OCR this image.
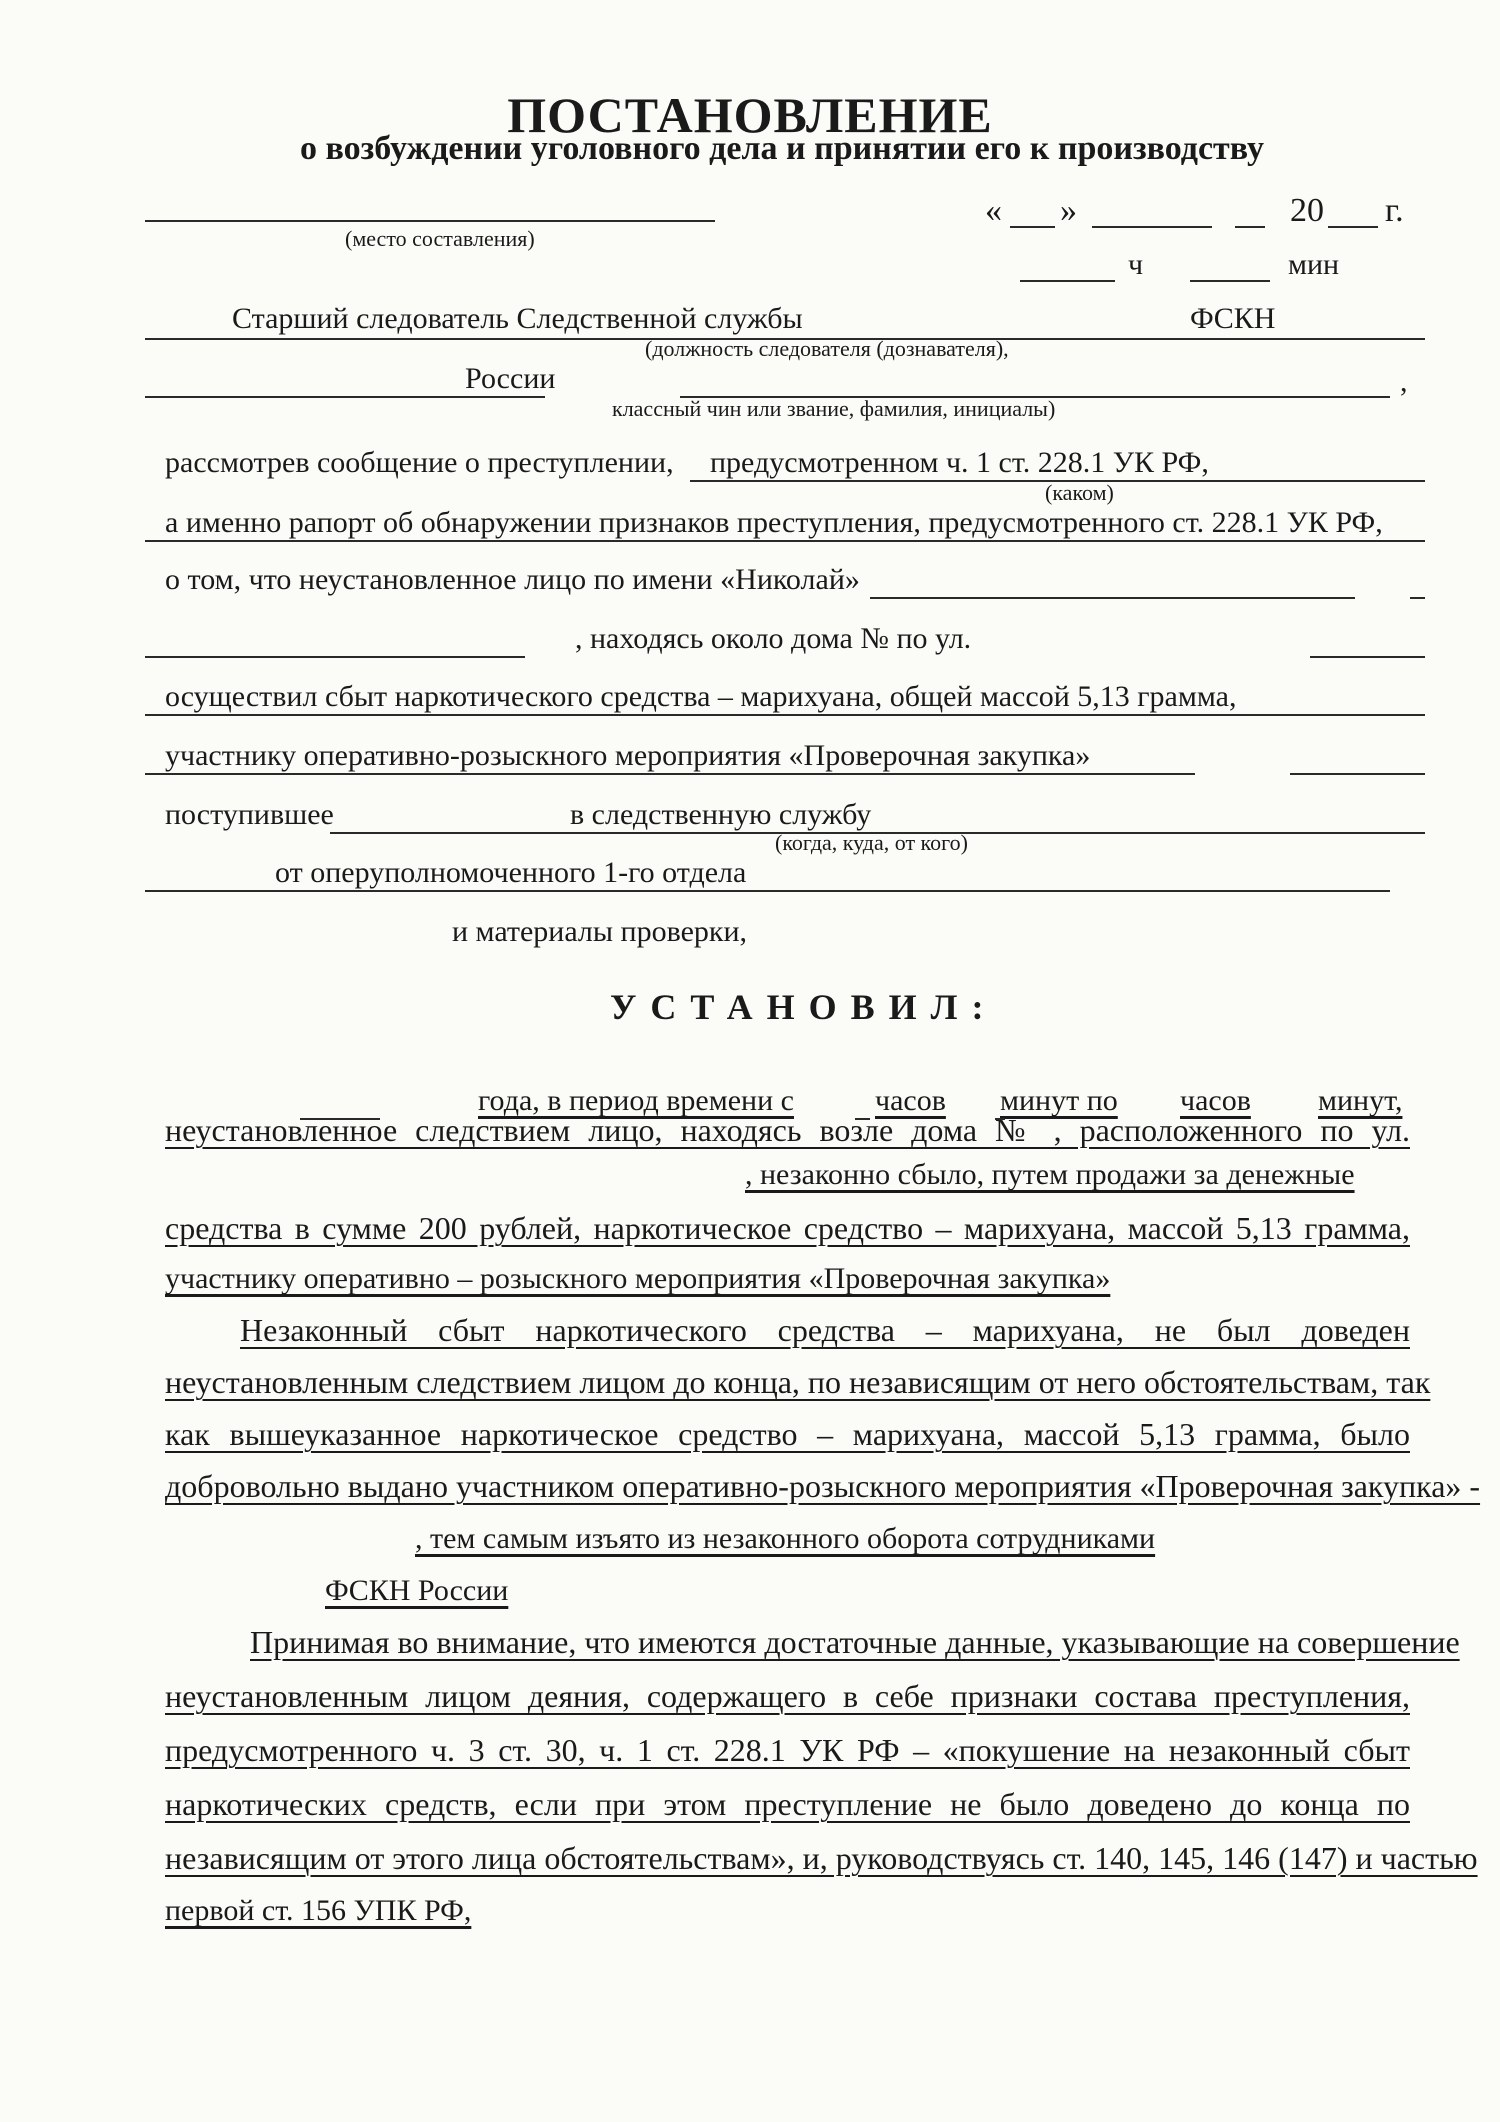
ПОСТАНОВЛЕНИЕ
о возбуждении уголовного дела и принятии его к производству
(место составления)
« »	20 г.
ч	мин
Старший следователь Следственной службы	ФСКН
(должность следователя (дознавателя),
России	,
классный чин или звание, фамилия, инициалы)
рассмотрев сообщение о преступлении, предусмотренном ч. 1 ст. 228.1 УК РФ,
(каком)
а именно рапорт об обнаружении признаков преступления, предусмотренного ст. 228.1 УК РФ,
о том, что неустановленное лицо по имени «Николай»
, находясь около дома № по ул.
осуществил сбыт наркотического средства – марихуана, общей массой 5,13 грамма,
участнику оперативно-розыскного мероприятия «Проверочная закупка»
поступившее	в следственную службу
(когда, куда, от кого)
от оперуполномоченного 1-го отдела
и материалы проверки,
УСТАНОВИЛ:
года, в период времени с	часов минут по часов минут,
неустановленное следствием лицо, находясь возле дома № , расположенного по ул.
, незаконно сбыло, путем продажи за денежные
средства в сумме 200 рублей, наркотическое средство – марихуана, массой 5,13 грамма,
участнику оперативно – розыскного мероприятия «Проверочная закупка»
Незаконный сбыт наркотического средства – марихуана, не был доведен
неустановленным следствием лицом до конца, по независящим от него обстоятельствам, так
как вышеуказанное наркотическое средство – марихуана, массой 5,13 грамма, было
добровольно выдано участником оперативно-розыскного мероприятия «Проверочная закупка» -
, тем самым изъято из незаконного оборота сотрудниками
ФСКН России
Принимая во внимание, что имеются достаточные данные, указывающие на совершение
неустановленным лицом деяния, содержащего в себе признаки состава преступления,
предусмотренного ч. 3 ст. 30, ч. 1 ст. 228.1 УК РФ – «покушение на незаконный сбыт
наркотических средств, если при этом преступление не было доведено до конца по
независящим от этого лица обстоятельствам», и, руководствуясь ст. 140, 145, 146 (147) и частью
первой ст. 156 УПК РФ,
